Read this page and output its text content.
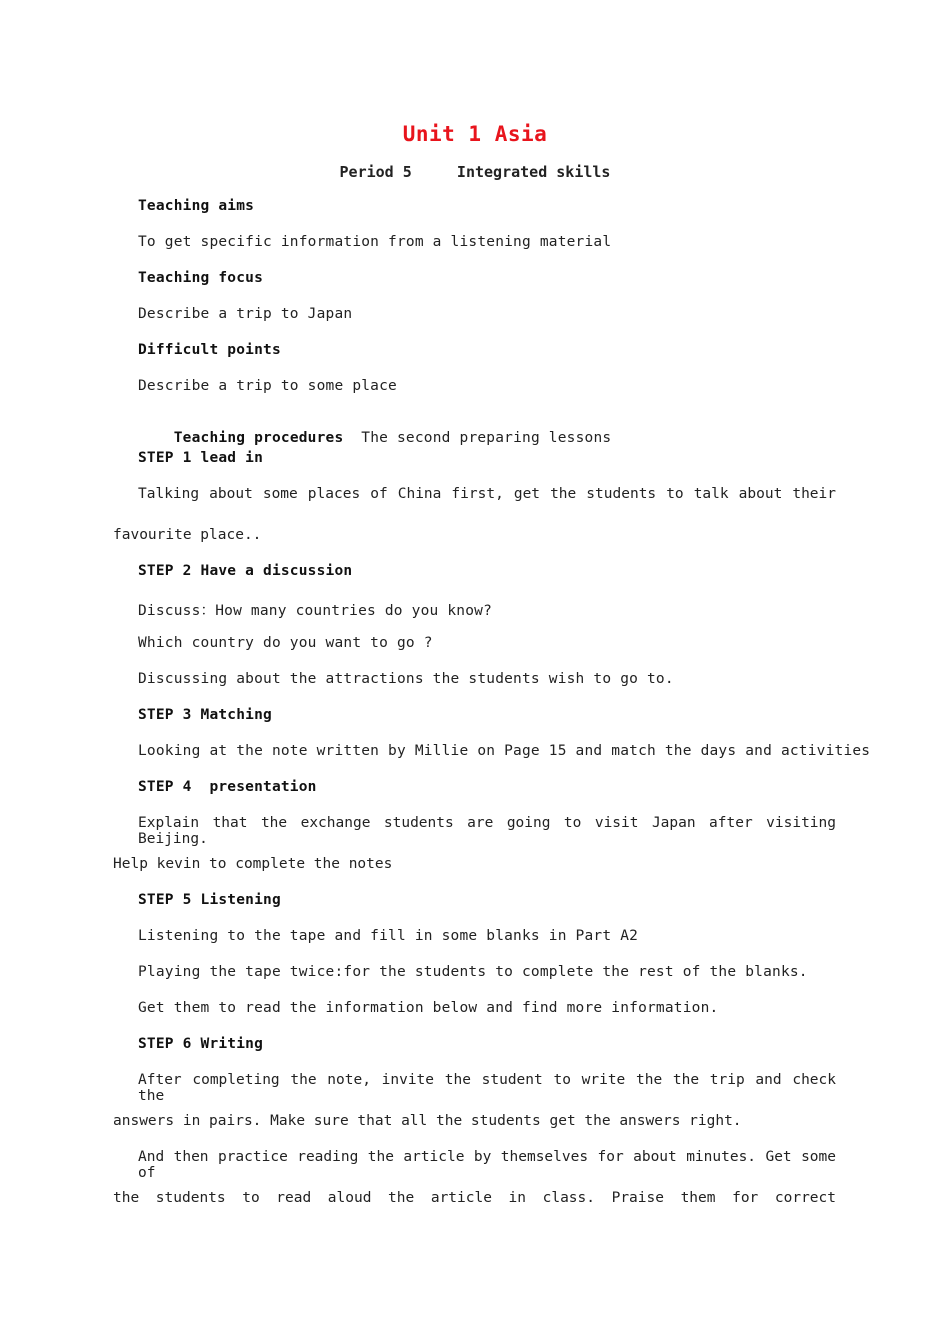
Unit 1 Asia
Period 5     Integrated skills
Teaching aims
To get specific information from a listening material
Teaching focus
Describe a trip to Japan
Difficult points
Describe a trip to some place

Teaching procedures The second preparing lessons

STEP 1 lead in
Talking about some places of China first, get the students to talk about their
favourite place..
STEP 2 Have a discussion
Discuss：How many countries do you know?
Which country do you want to go ?
Discussing about the attractions the students wish to go to.
STEP 3 Matching
Looking at the note written by Millie on Page 15 and match the days and activities
STEP 4  presentation
Explain that the exchange students are going to visit Japan after visiting Beijing.
Help kevin to complete the notes
STEP 5 Listening
Listening to the tape and fill in some blanks in Part A2
Playing the tape twice:for the students to complete the rest of the blanks.
Get them to read the information below and find more information.
STEP 6 Writing
After completing the note, invite the student to write the the trip and check the
answers in pairs. Make sure that all the students get the answers right.
And then practice reading the article by themselves for about minutes. Get some of
the students to read aloud the article in class. Praise them for correct
